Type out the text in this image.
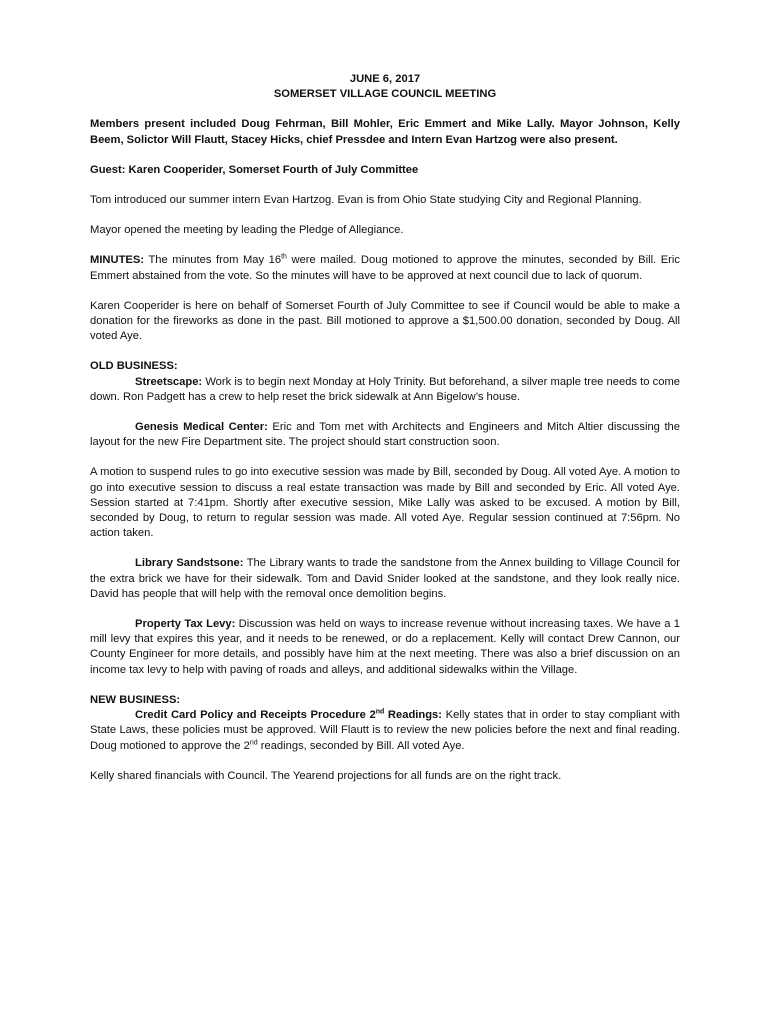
JUNE 6, 2017
SOMERSET VILLAGE COUNCIL MEETING

Members present included Doug Fehrman, Bill Mohler, Eric Emmert and Mike Lally. Mayor Johnson, Kelly Beem, Solictor Will Flautt, Stacey Hicks, chief Pressdee and Intern Evan Hartzog were also present.

Guest: Karen Cooperider, Somerset Fourth of July Committee

Tom introduced our summer intern Evan Hartzog. Evan is from Ohio State studying City and Regional Planning.

Mayor opened the meeting by leading the Pledge of Allegiance.

MINUTES: The minutes from May 16th were mailed. Doug motioned to approve the minutes, seconded by Bill. Eric Emmert abstained from the vote. So the minutes will have to be approved at next council due to lack of quorum.

Karen Cooperider is here on behalf of Somerset Fourth of July Committee to see if Council would be able to make a donation for the fireworks as done in the past. Bill motioned to approve a $1,500.00 donation, seconded by Doug. All voted Aye.

OLD BUSINESS:

Streetscape: Work is to begin next Monday at Holy Trinity. But beforehand, a silver maple tree needs to come down. Ron Padgett has a crew to help reset the brick sidewalk at Ann Bigelow’s house.

Genesis Medical Center: Eric and Tom met with Architects and Engineers and Mitch Altier discussing the layout for the new Fire Department site. The project should start construction soon.

A motion to suspend rules to go into executive session was made by Bill, seconded by Doug. All voted Aye. A motion to go into executive session to discuss a real estate transaction was made by Bill and seconded by Eric. All voted Aye. Session started at 7:41pm. Shortly after executive session, Mike Lally was asked to be excused. A motion by Bill, seconded by Doug, to return to regular session was made. All voted Aye. Regular session continued at 7:56pm. No action taken.

Library Sandstsone: The Library wants to trade the sandstone from the Annex building to Village Council for the extra brick we have for their sidewalk. Tom and David Snider looked at the sandstone, and they look really nice. David has people that will help with the removal once demolition begins.

Property Tax Levy: Discussion was held on ways to increase revenue without increasing taxes. We have a 1 mill levy that expires this year, and it needs to be renewed, or do a replacement. Kelly will contact Drew Cannon, our County Engineer for more details, and possibly have him at the next meeting. There was also a brief discussion on an income tax levy to help with paving of roads and alleys, and additional sidewalks within the Village.

NEW BUSINESS:

Credit Card Policy and Receipts Procedure 2nd Readings: Kelly states that in order to stay compliant with State Laws, these policies must be approved. Will Flautt is to review the new policies before the next and final reading. Doug motioned to approve the 2nd readings, seconded by Bill. All voted Aye.

Kelly shared financials with Council. The Yearend projections for all funds are on the right track.
